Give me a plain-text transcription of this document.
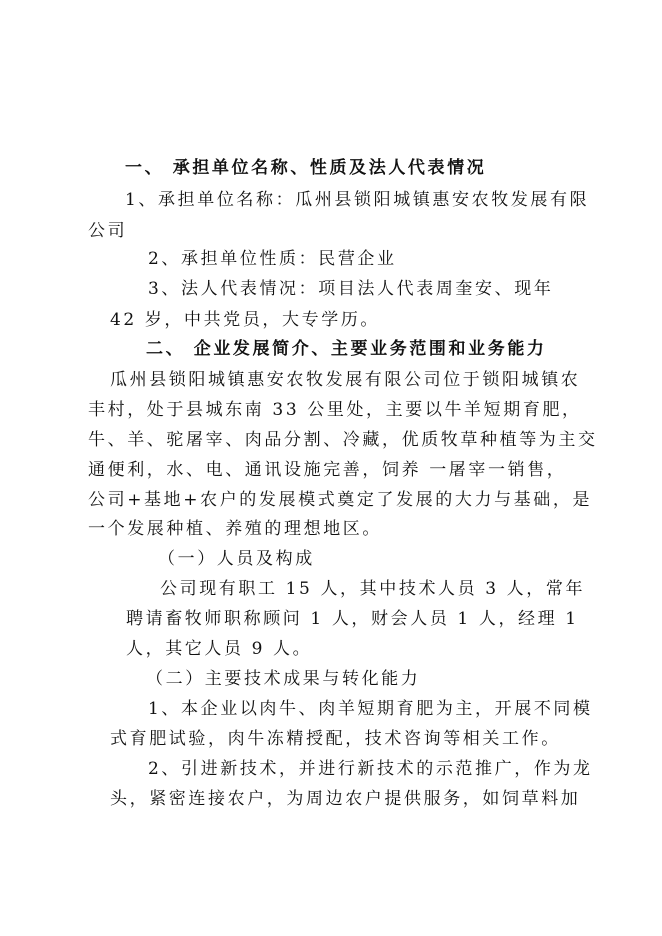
一、 承担单位名称、性质及法人代表情况
1、承担单位名称：瓜州县锁阳城镇惠安农牧发展有限
公司
2、承担单位性质：民营企业
3、法人代表情况：项目法人代表周奎安、现年
42 岁，中共党员，大专学历。
二、 企业发展简介、主要业务范围和业务能力
瓜州县锁阳城镇惠安农牧发展有限公司位于锁阳城镇农
丰村，处于县城东南 33 公里处，主要以牛羊短期育肥，
牛、羊、驼屠宰、肉品分割、冷藏，优质牧草种植等为主交
通便利，水、电、通讯设施完善，饲养 一屠宰一销售，
公司+基地+农户的发展模式奠定了发展的大力与基础，是
一个发展种植、养殖的理想地区。
（一）人员及构成
公司现有职工 15 人，其中技术人员 3 人，常年
聘请畜牧师职称顾问 1 人，财会人员 1 人，经理 1
人，其它人员 9 人。
（二）主要技术成果与转化能力
1、本企业以肉牛、肉羊短期育肥为主，开展不同模
式育肥试验，肉牛冻精授配，技术咨询等相关工作。
2、引进新技术，并进行新技术的示范推广，作为龙
头，紧密连接农户，为周边农户提供服务，如饲草料加
